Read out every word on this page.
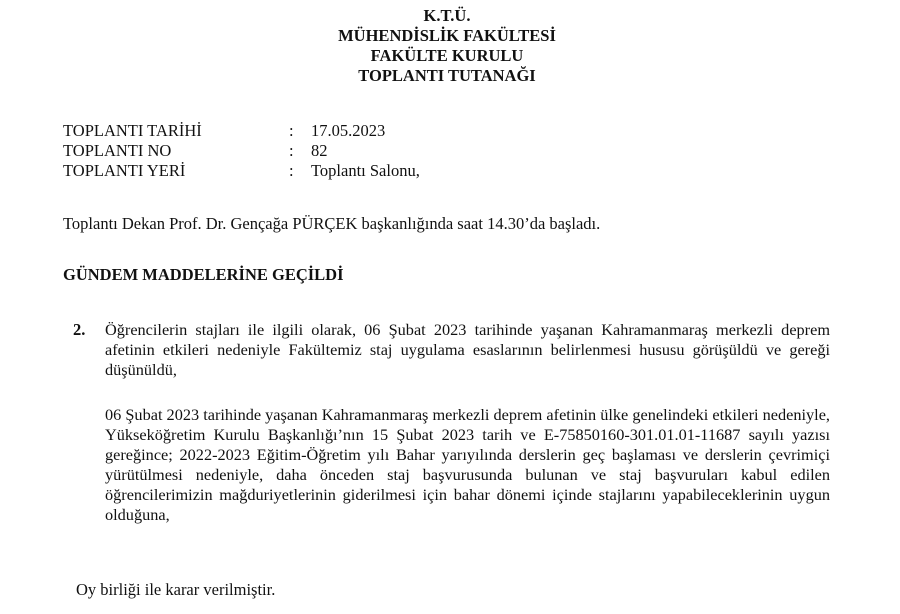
K.T.Ü.
MÜHENDİSLİK FAKÜLTESİ
FAKÜLTE KURULU
TOPLANTI TUTANAĞI
TOPLANTI TARİHİ	:	17.05.2023
TOPLANTI NO	:	82
TOPLANTI YERİ	:	Toplantı Salonu,
Toplantı Dekan Prof. Dr. Gençağa PÜRÇEK başkanlığında saat 14.30’da başladı.
GÜNDEM MADDELERİNE GEÇİLDİ
2. Öğrencilerin stajları ile ilgili olarak, 06 Şubat 2023 tarihinde yaşanan Kahramanmaraş merkezli deprem afetinin etkileri nedeniyle Fakültemiz staj uygulama esaslarının belirlenmesi hususu görüşüldü ve gereği düşünüldü,
06 Şubat 2023 tarihinde yaşanan Kahramanmaraş merkezli deprem afetinin ülke genelindeki etkileri nedeniyle, Yükseköğretim Kurulu Başkanlığı’nın 15 Şubat 2023 tarih ve E-75850160-301.01.01-11687 sayılı yazısı gereğince; 2022-2023 Eğitim-Öğretim yılı Bahar yarıyılında derslerin geç başlaması ve derslerin çevrimiçi yürütülmesi nedeniyle, daha önceden staj başvurusunda bulunan ve staj başvuruları kabul edilen öğrencilerimizin mağduriyetlerinin giderilmesi için bahar dönemi içinde stajlarını yapabileceklerinin uygun olduğuna,
Oy birliği ile karar verilmiştir.
